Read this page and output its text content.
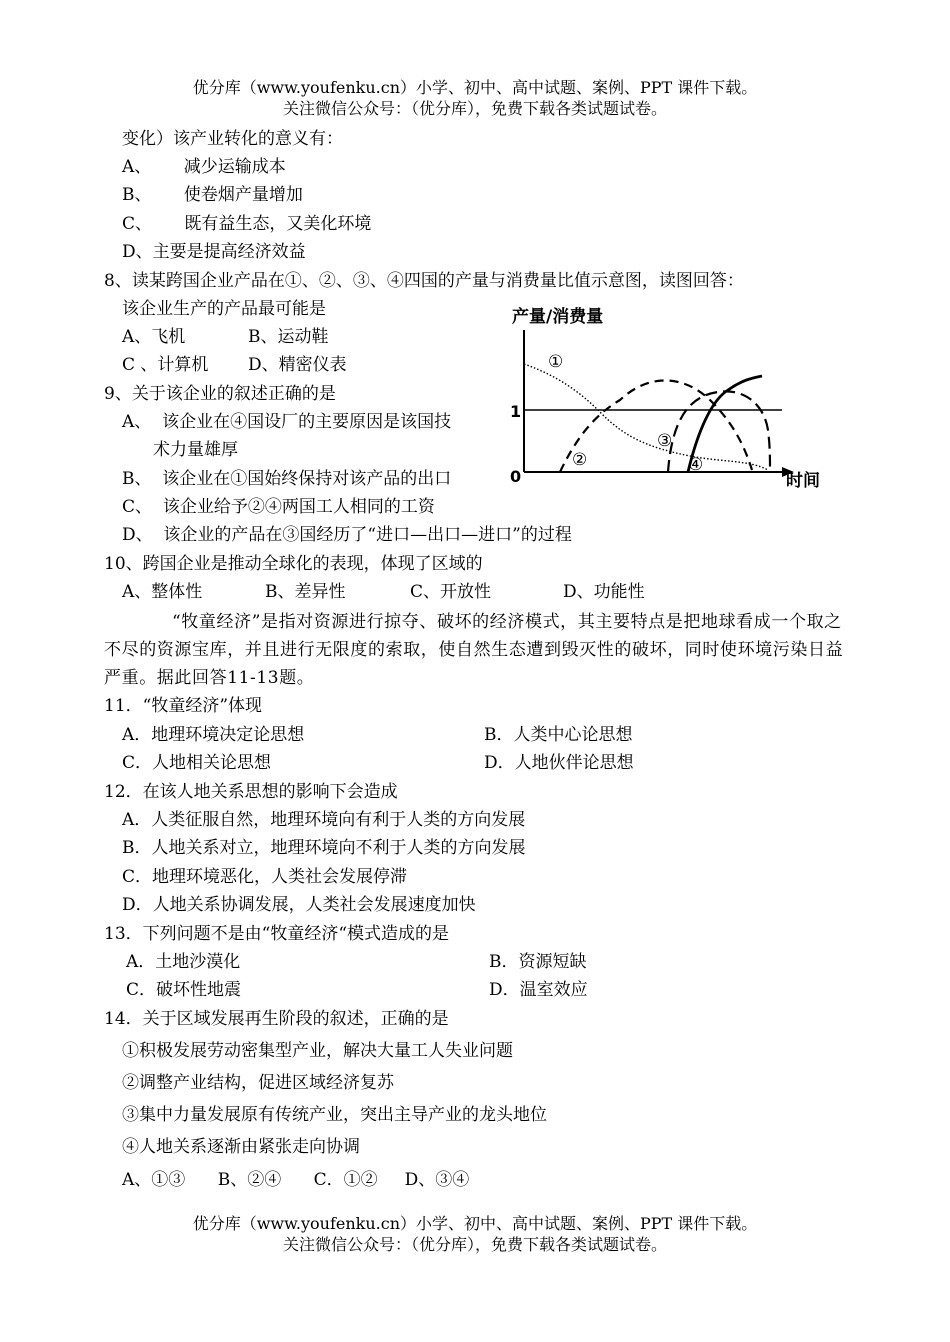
优分库（www.youfenku.cn）小学、初中、高中试题、案例、PPT 课件下载。
关注微信公众号：（优分库），免费下载各类试题试卷。
变化）该产业转化的意义有：
A、      减少运输成本
B、      使卷烟产量增加
C、      既有益生态，又美化环境
D、主要是提高经济效益
8、读某跨国企业产品在①、②、③、④四国的产量与消费量比值示意图，读图回答：
该企业生产的产品最可能是
A、飞机	B、运动鞋
C 、计算机 D、精密仪表
9、关于该企业的叙述正确的是
A、  该企业在④国设厂的主要原因是该国技
术力量雄厚
B、  该企业在①国始终保持对该产品的出口
C、  该企业给予②④两国工人相同的工资
D、  该企业的产品在③国经历了“进口—出口—进口”的过程
产量/消费量
1
0	时间
①
②
③
④
10、跨国企业是推动全球化的表现，体现了区域的
A、整体性	B、差异性	C、开放性	D、功能性
“牧童经济”是指对资源进行掠夺、破坏的经济模式，其主要特点是把地球看成一个取之不尽的资源宝库，并且进行无限度的索取，使自然生态遭到毁灭性的破坏，同时使环境污染日益严重。据此回答11-13题。
11．“牧童经济”体现
A．地理环境决定论思想	B．人类中心论思想
C．人地相关论思想	D．人地伙伴论思想
12．在该人地关系思想的影响下会造成
A．人类征服自然，地理环境向有利于人类的方向发展
B．人地关系对立，地理环境向不利于人类的方向发展
C．地理环境恶化，人类社会发展停滞
D．人地关系协调发展，人类社会发展速度加快
13．下列问题不是由“牧童经济“模式造成的是
A．土地沙漠化	B．资源短缺
C．破坏性地震	D．温室效应
14．关于区域发展再生阶段的叙述，正确的是
①积极发展劳动密集型产业，解决大量工人失业问题
②调整产业结构，促进区域经济复苏
③集中力量发展原有传统产业，突出主导产业的龙头地位
④人地关系逐渐由紧张走向协调
A、①③      B、②④      C．①②     D、③④
优分库（www.youfenku.cn）小学、初中、高中试题、案例、PPT 课件下载。
关注微信公众号：（优分库），免费下载各类试题试卷。
